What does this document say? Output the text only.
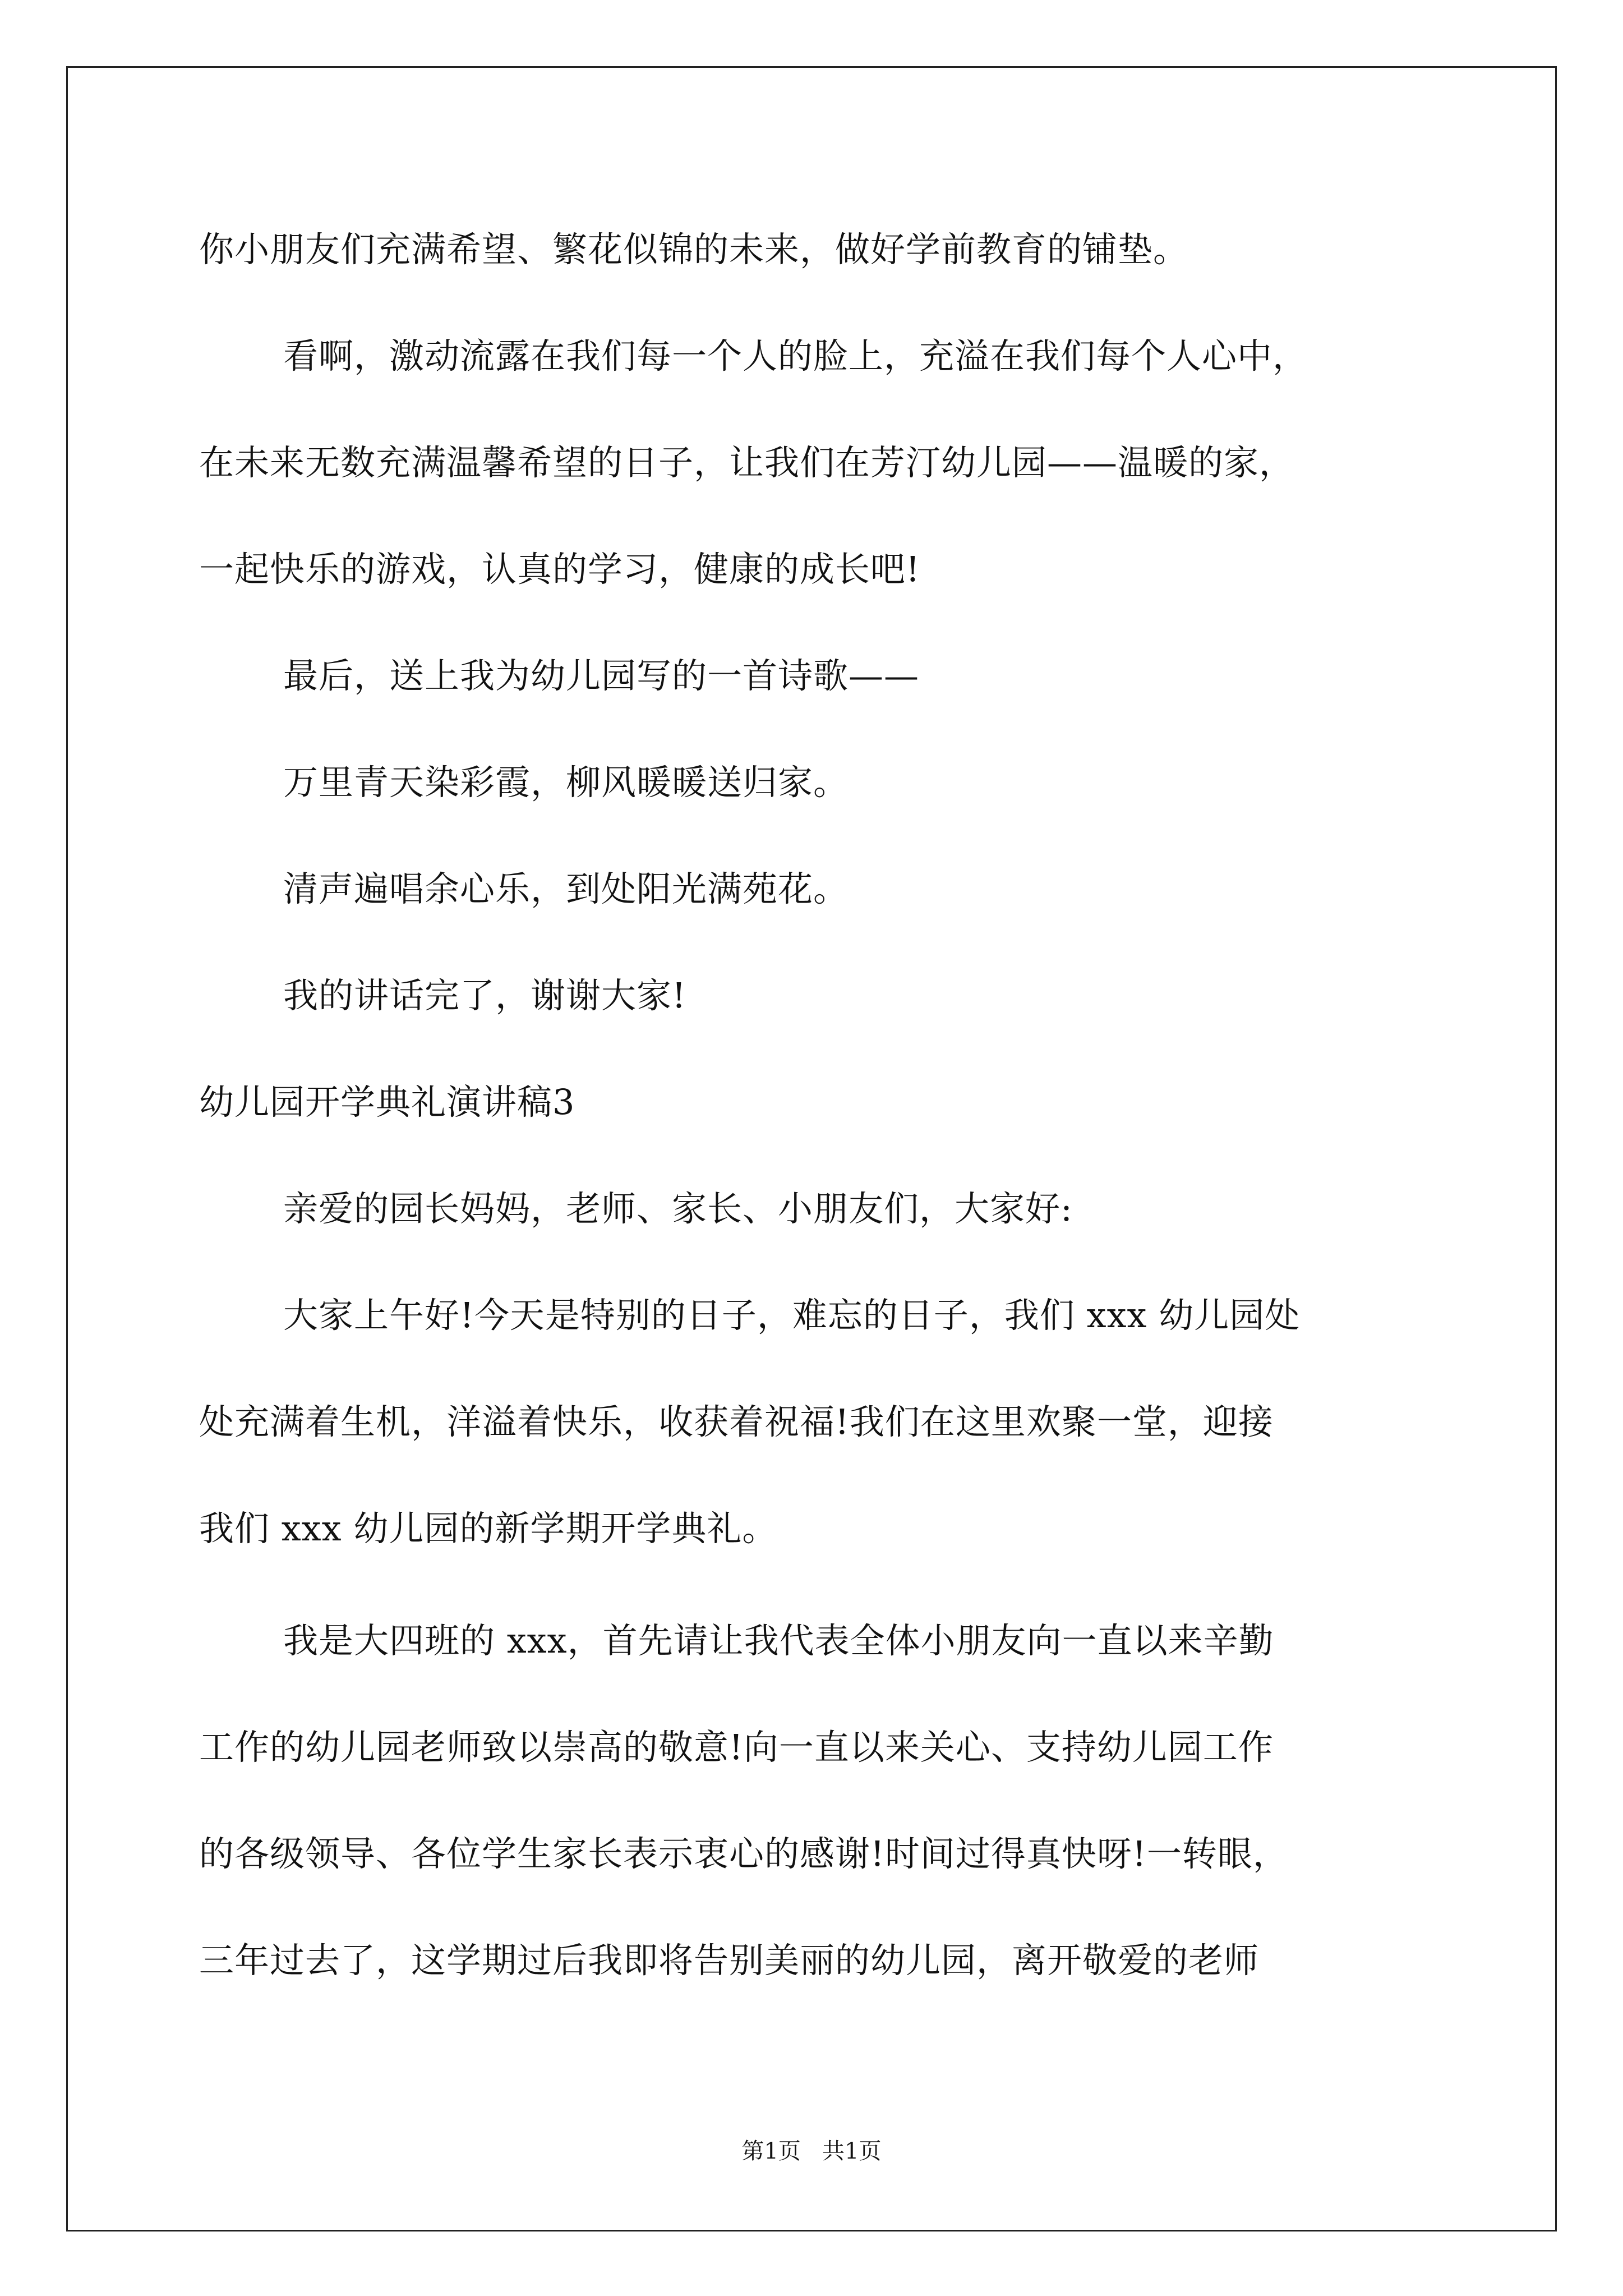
你小朋友们充满希望、繁花似锦的未来，做好学前教育的铺垫。
看啊，激动流露在我们每一个人的脸上，充溢在我们每个人心中，
在未来无数充满温馨希望的日子，让我们在芳汀幼儿园——温暖的家，
一起快乐的游戏，认真的学习，健康的成长吧!
最后，送上我为幼儿园写的一首诗歌——
万里青天染彩霞，柳风暖暖送归家。
清声遍唱余心乐，到处阳光满苑花。
我的讲话完了，谢谢大家!
幼儿园开学典礼演讲稿3
亲爱的园长妈妈，老师、家长、小朋友们，大家好:
大家上午好!今天是特别的日子，难忘的日子，我们 xxx 幼儿园处
处充满着生机，洋溢着快乐，收获着祝福!我们在这里欢聚一堂，迎接
我们 xxx 幼儿园的新学期开学典礼。
我是大四班的 xxx，首先请让我代表全体小朋友向一直以来辛勤
工作的幼儿园老师致以崇高的敬意!向一直以来关心、支持幼儿园工作
的各级领导、各位学生家长表示衷心的感谢!时间过得真快呀!一转眼，
三年过去了，这学期过后我即将告别美丽的幼儿园，离开敬爱的老师
第1页   共1页
